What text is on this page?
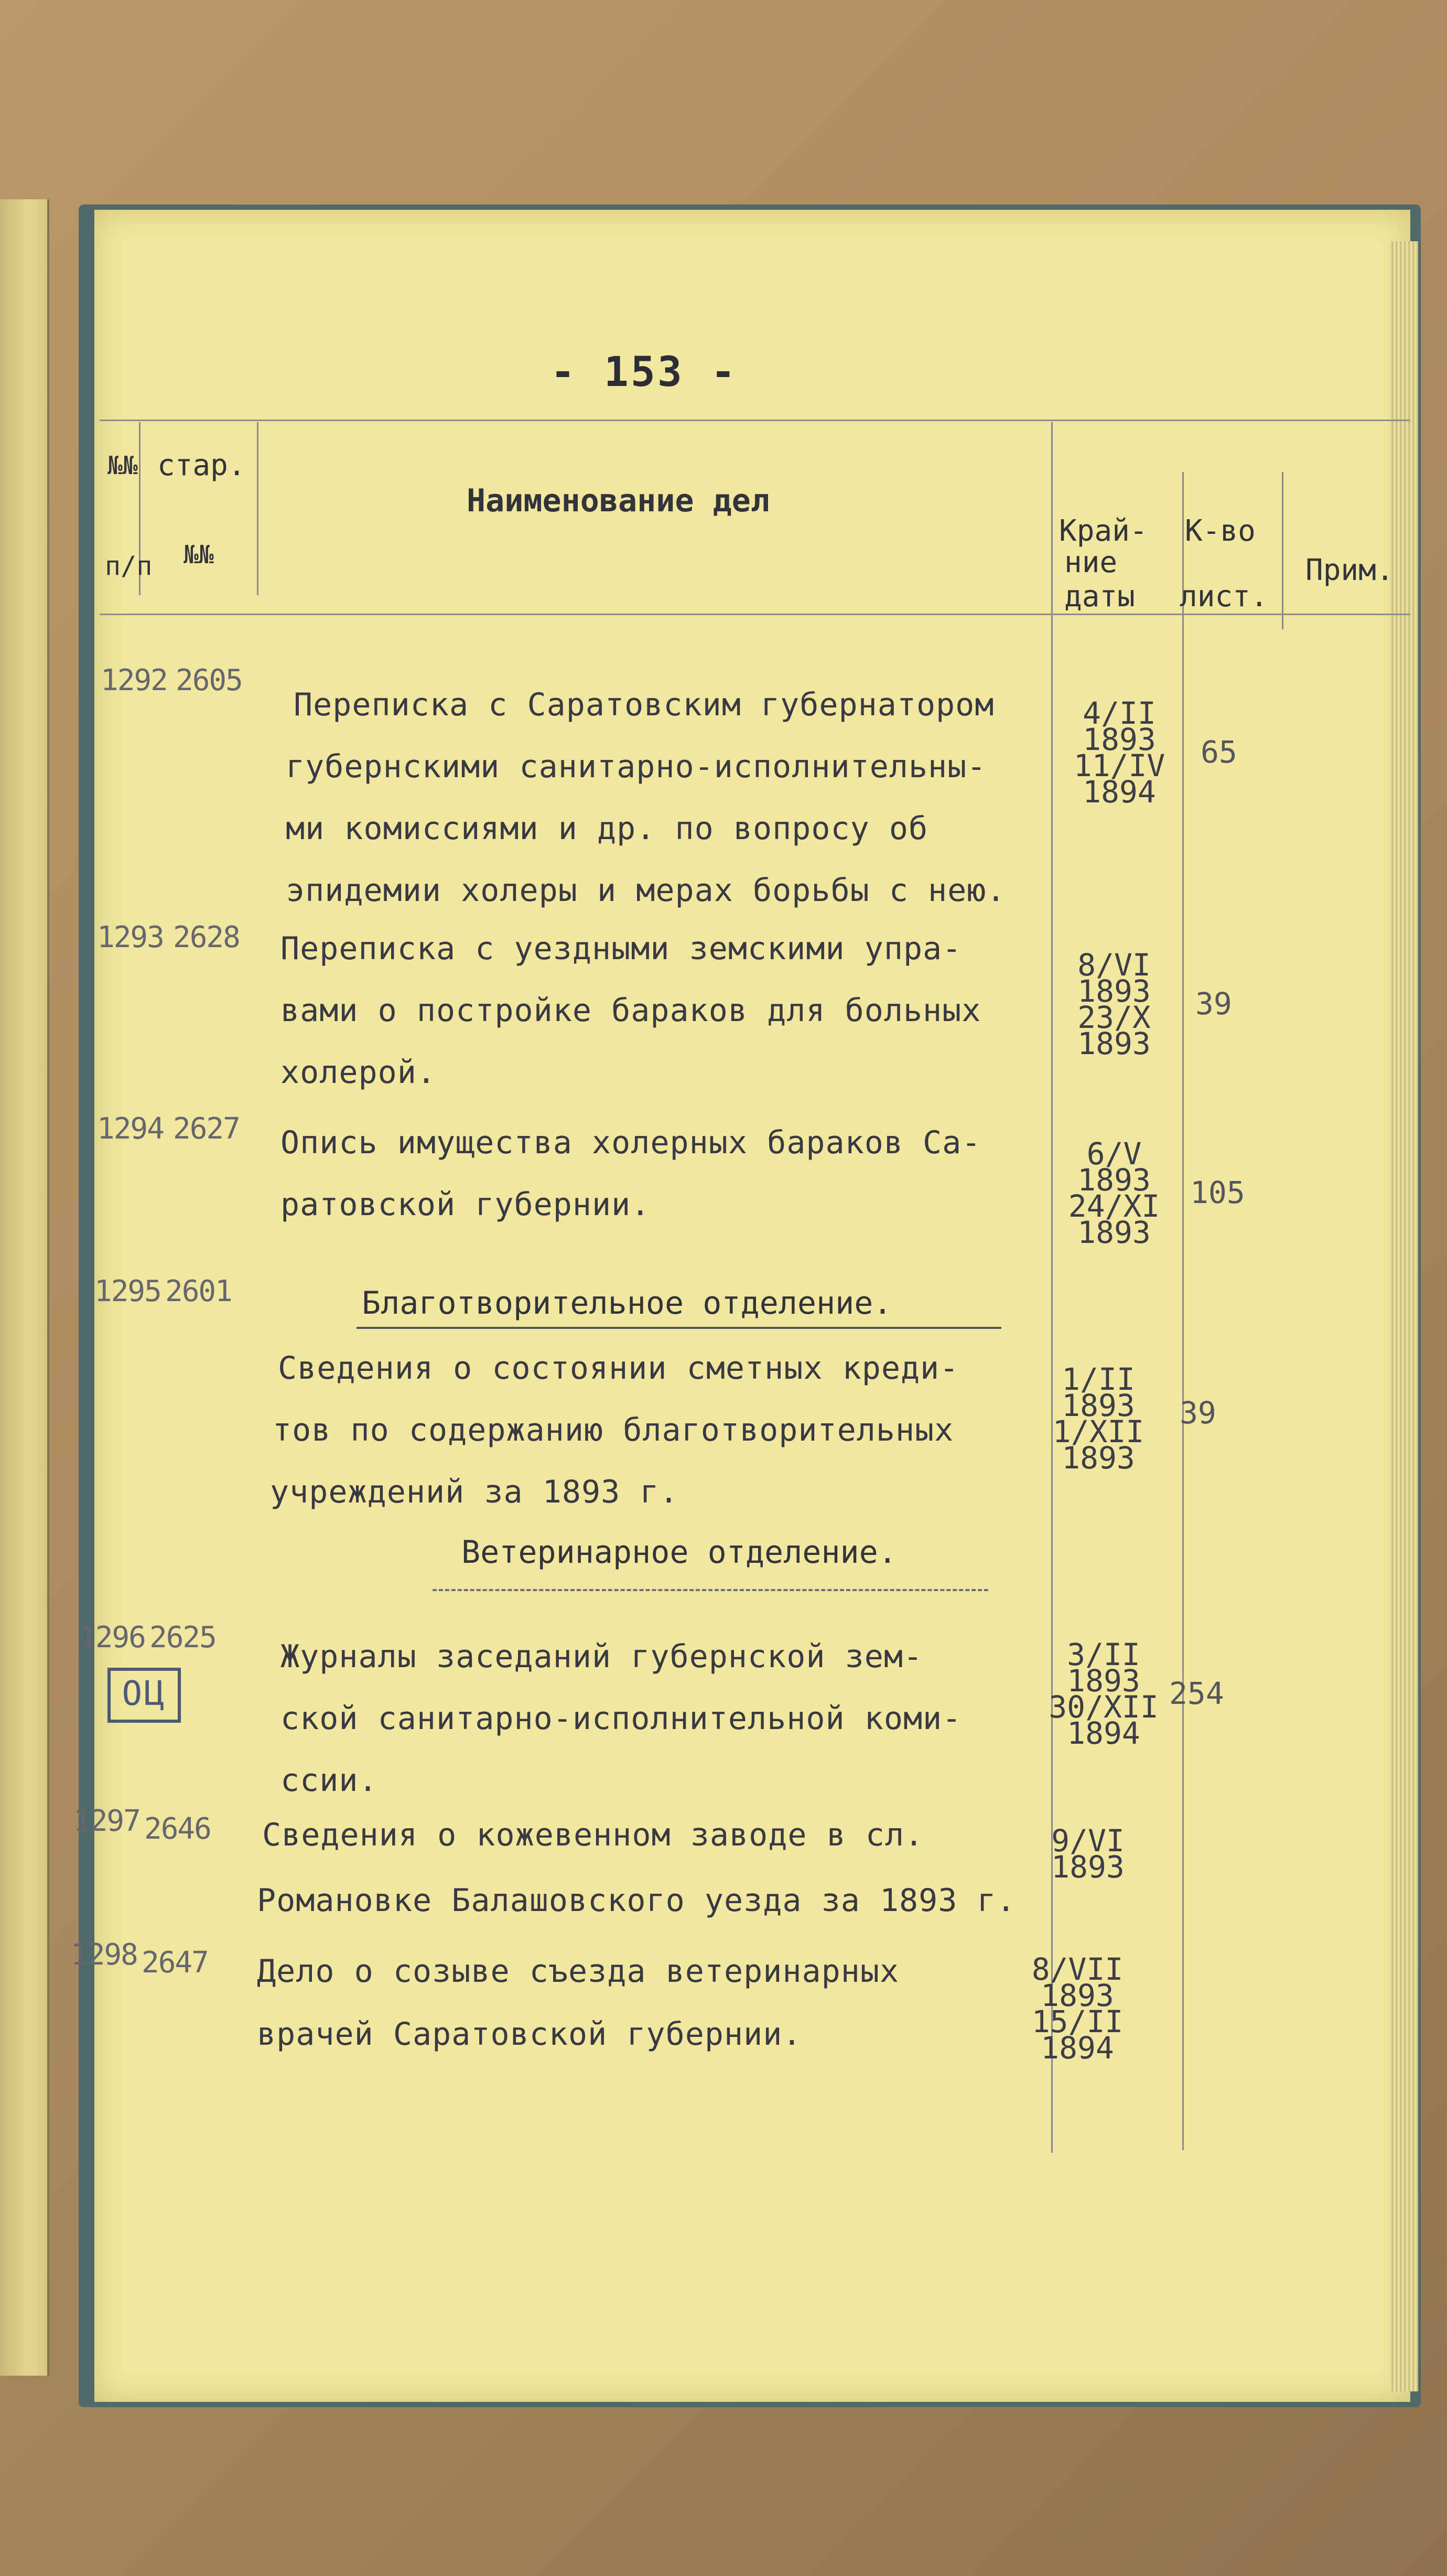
- 153 -
№№
п/п
стар.
№№
Наименование дел
Край-
ние
даты
К-во
лист.
Прим.
1292 2605
Переписка с Саратовским губернатором
губернскими санитарно-исполнительны-
ми комиссиями и др. по вопросу об
эпидемии холеры и мерах борьбы с нею.
4/II
1893
11/IV
1894
65
1293 2628 Переписка с уездными земскими упра-
вами о постройке бараков для больных
холерой.
8/VI
1893
23/X
1893
39
1294 2627 Опись имущества холерных бараков Са-
ратовской губернии.
6/V
1893
24/XI
1893
105
Благотворительное отделение.
1295 2601
Сведения о состоянии сметных креди-
тов по содержанию благотворительных
учреждений за 1893 г.
1/II
1893
1/XII
1893
39
Ветеринарное отделение.
1296 2625
Журналы заседаний губернской зем-
ской санитарно-исполнительной коми-
ссии.
3/II
1893
30/XII
1894
254
ОЦ
1297 2646 Сведения о кожевенном заводе в сл.
Романовке Балашовского уезда за 1893 г.
9/VI
1893
1298 2647 Дело о созыве съезда ветеринарных
врачей Саратовской губернии.
8/VII
1893
15/II
1894
